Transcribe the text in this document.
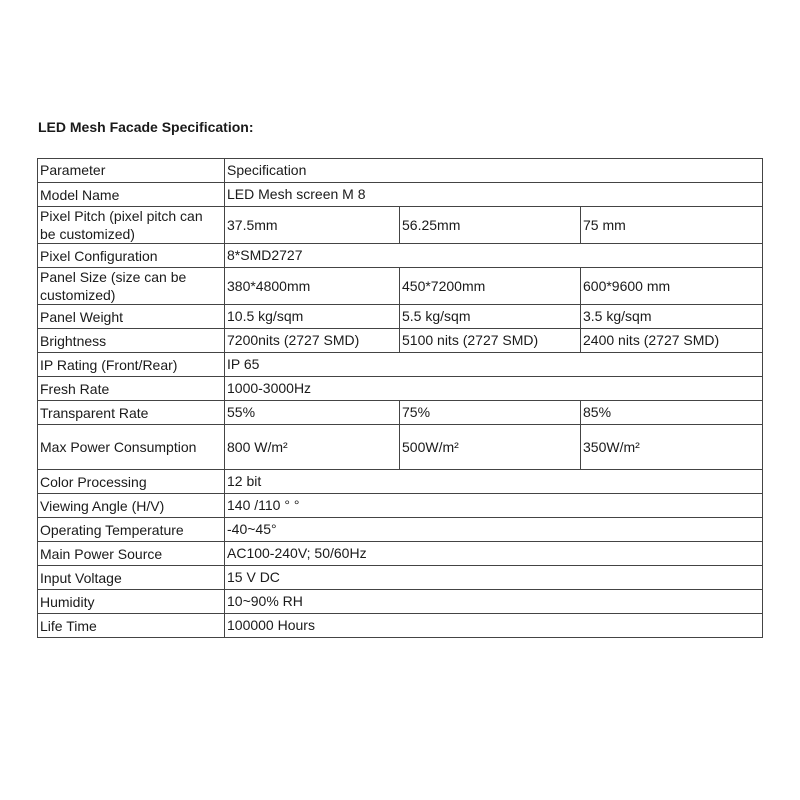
LED Mesh Facade Specification:
Parameter	Specification		
Model Name	LED Mesh screen M 8		
Pixel Pitch (pixel pitch can be customized)	37.5mm	56.25mm	75 mm
Pixel Configuration	8*SMD2727		
Panel Size (size can be customized)	380*4800mm	450*7200mm	600*9600 mm
Panel Weight	10.5 kg/sqm	5.5 kg/sqm	3.5 kg/sqm
Brightness	7200nits (2727 SMD)	5100 nits (2727 SMD)	2400 nits (2727 SMD)
IP Rating (Front/Rear)	IP 65		
Fresh Rate	1000-3000Hz		
Transparent Rate	55%	75%	85%
Max Power Consumption	800 W/m²	500W/m²	350W/m²
Color Processing	12 bit		
Viewing Angle (H/V)	140 /110 ° °		
Operating Temperature	-40~45°		
Main Power Source	AC100-240V; 50/60Hz		
Input Voltage	15 V DC		
Humidity	10~90% RH		
Life Time	100000 Hours		
